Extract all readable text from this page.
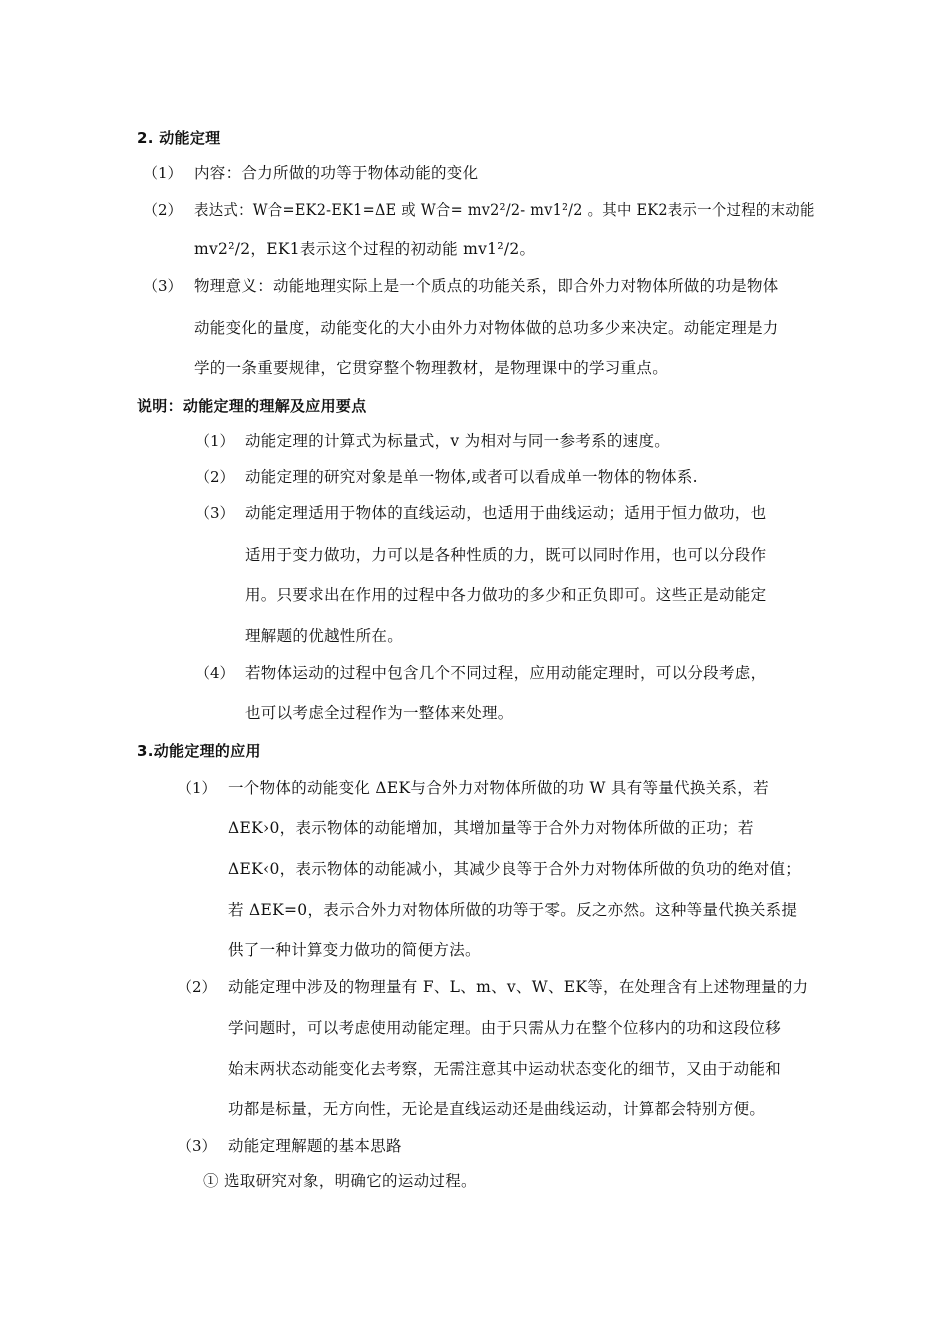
2. 动能定理
（1） 内容：合力所做的功等于物体动能的变化
（2） 表达式：W合=EK2-EK1=ΔE 或 W合= mv2²/2- mv1²/2 。其中 EK2表示一个过程的末动能
mv2²/2，EK1表示这个过程的初动能 mv1²/2。
（3） 物理意义：动能地理实际上是一个质点的功能关系，即合外力对物体所做的功是物体
动能变化的量度，动能变化的大小由外力对物体做的总功多少来决定。动能定理是力
学的一条重要规律，它贯穿整个物理教材，是物理课中的学习重点。
说明：动能定理的理解及应用要点
（1） 动能定理的计算式为标量式，v 为相对与同一参考系的速度。
（2） 动能定理的研究对象是单一物体,或者可以看成单一物体的物体系.
（3） 动能定理适用于物体的直线运动，也适用于曲线运动；适用于恒力做功，也
适用于变力做功，力可以是各种性质的力，既可以同时作用，也可以分段作
用。只要求出在作用的过程中各力做功的多少和正负即可。这些正是动能定
理解题的优越性所在。
（4） 若物体运动的过程中包含几个不同过程，应用动能定理时，可以分段考虑，
也可以考虑全过程作为一整体来处理。
3.动能定理的应用
（1） 一个物体的动能变化 ΔEK与合外力对物体所做的功 W 具有等量代换关系，若
ΔEK›0，表示物体的动能增加，其增加量等于合外力对物体所做的正功；若
ΔEK‹0，表示物体的动能减小，其减少良等于合外力对物体所做的负功的绝对值；
若 ΔEK=0，表示合外力对物体所做的功等于零。反之亦然。这种等量代换关系提
供了一种计算变力做功的简便方法。
（2） 动能定理中涉及的物理量有 F、L、m、v、W、EK等，在处理含有上述物理量的力
学问题时，可以考虑使用动能定理。由于只需从力在整个位移内的功和这段位移
始末两状态动能变化去考察，无需注意其中运动状态变化的细节，又由于动能和
功都是标量，无方向性，无论是直线运动还是曲线运动，计算都会特别方便。
（3） 动能定理解题的基本思路
① 选取研究对象，明确它的运动过程。
